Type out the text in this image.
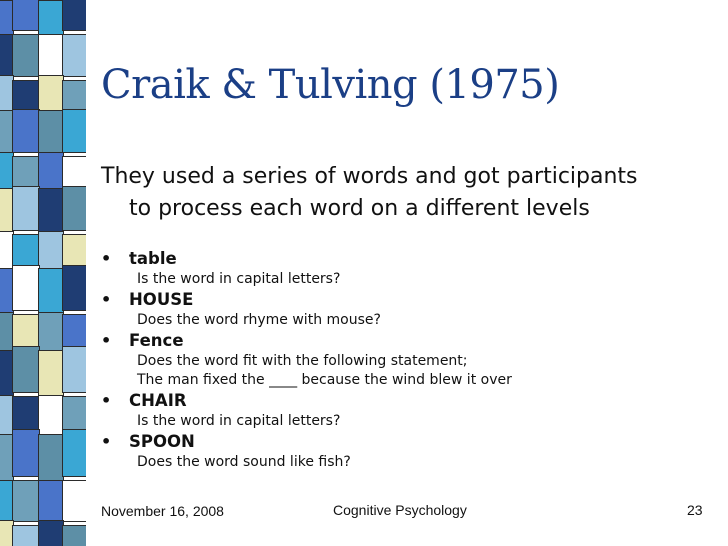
Craik & Tulving (1975)
They used a series of words and got participants
to process each word on a different levels
• table
Is the word in capital letters?
• HOUSE
Does the word rhyme with mouse?
• Fence
Does the word fit with the following statement;
The man fixed the ____ because the wind blew it over
• CHAIR
Is the word in capital letters?
• SPOON
Does the word sound like fish?
November 16, 2008	Cognitive Psychology	23
